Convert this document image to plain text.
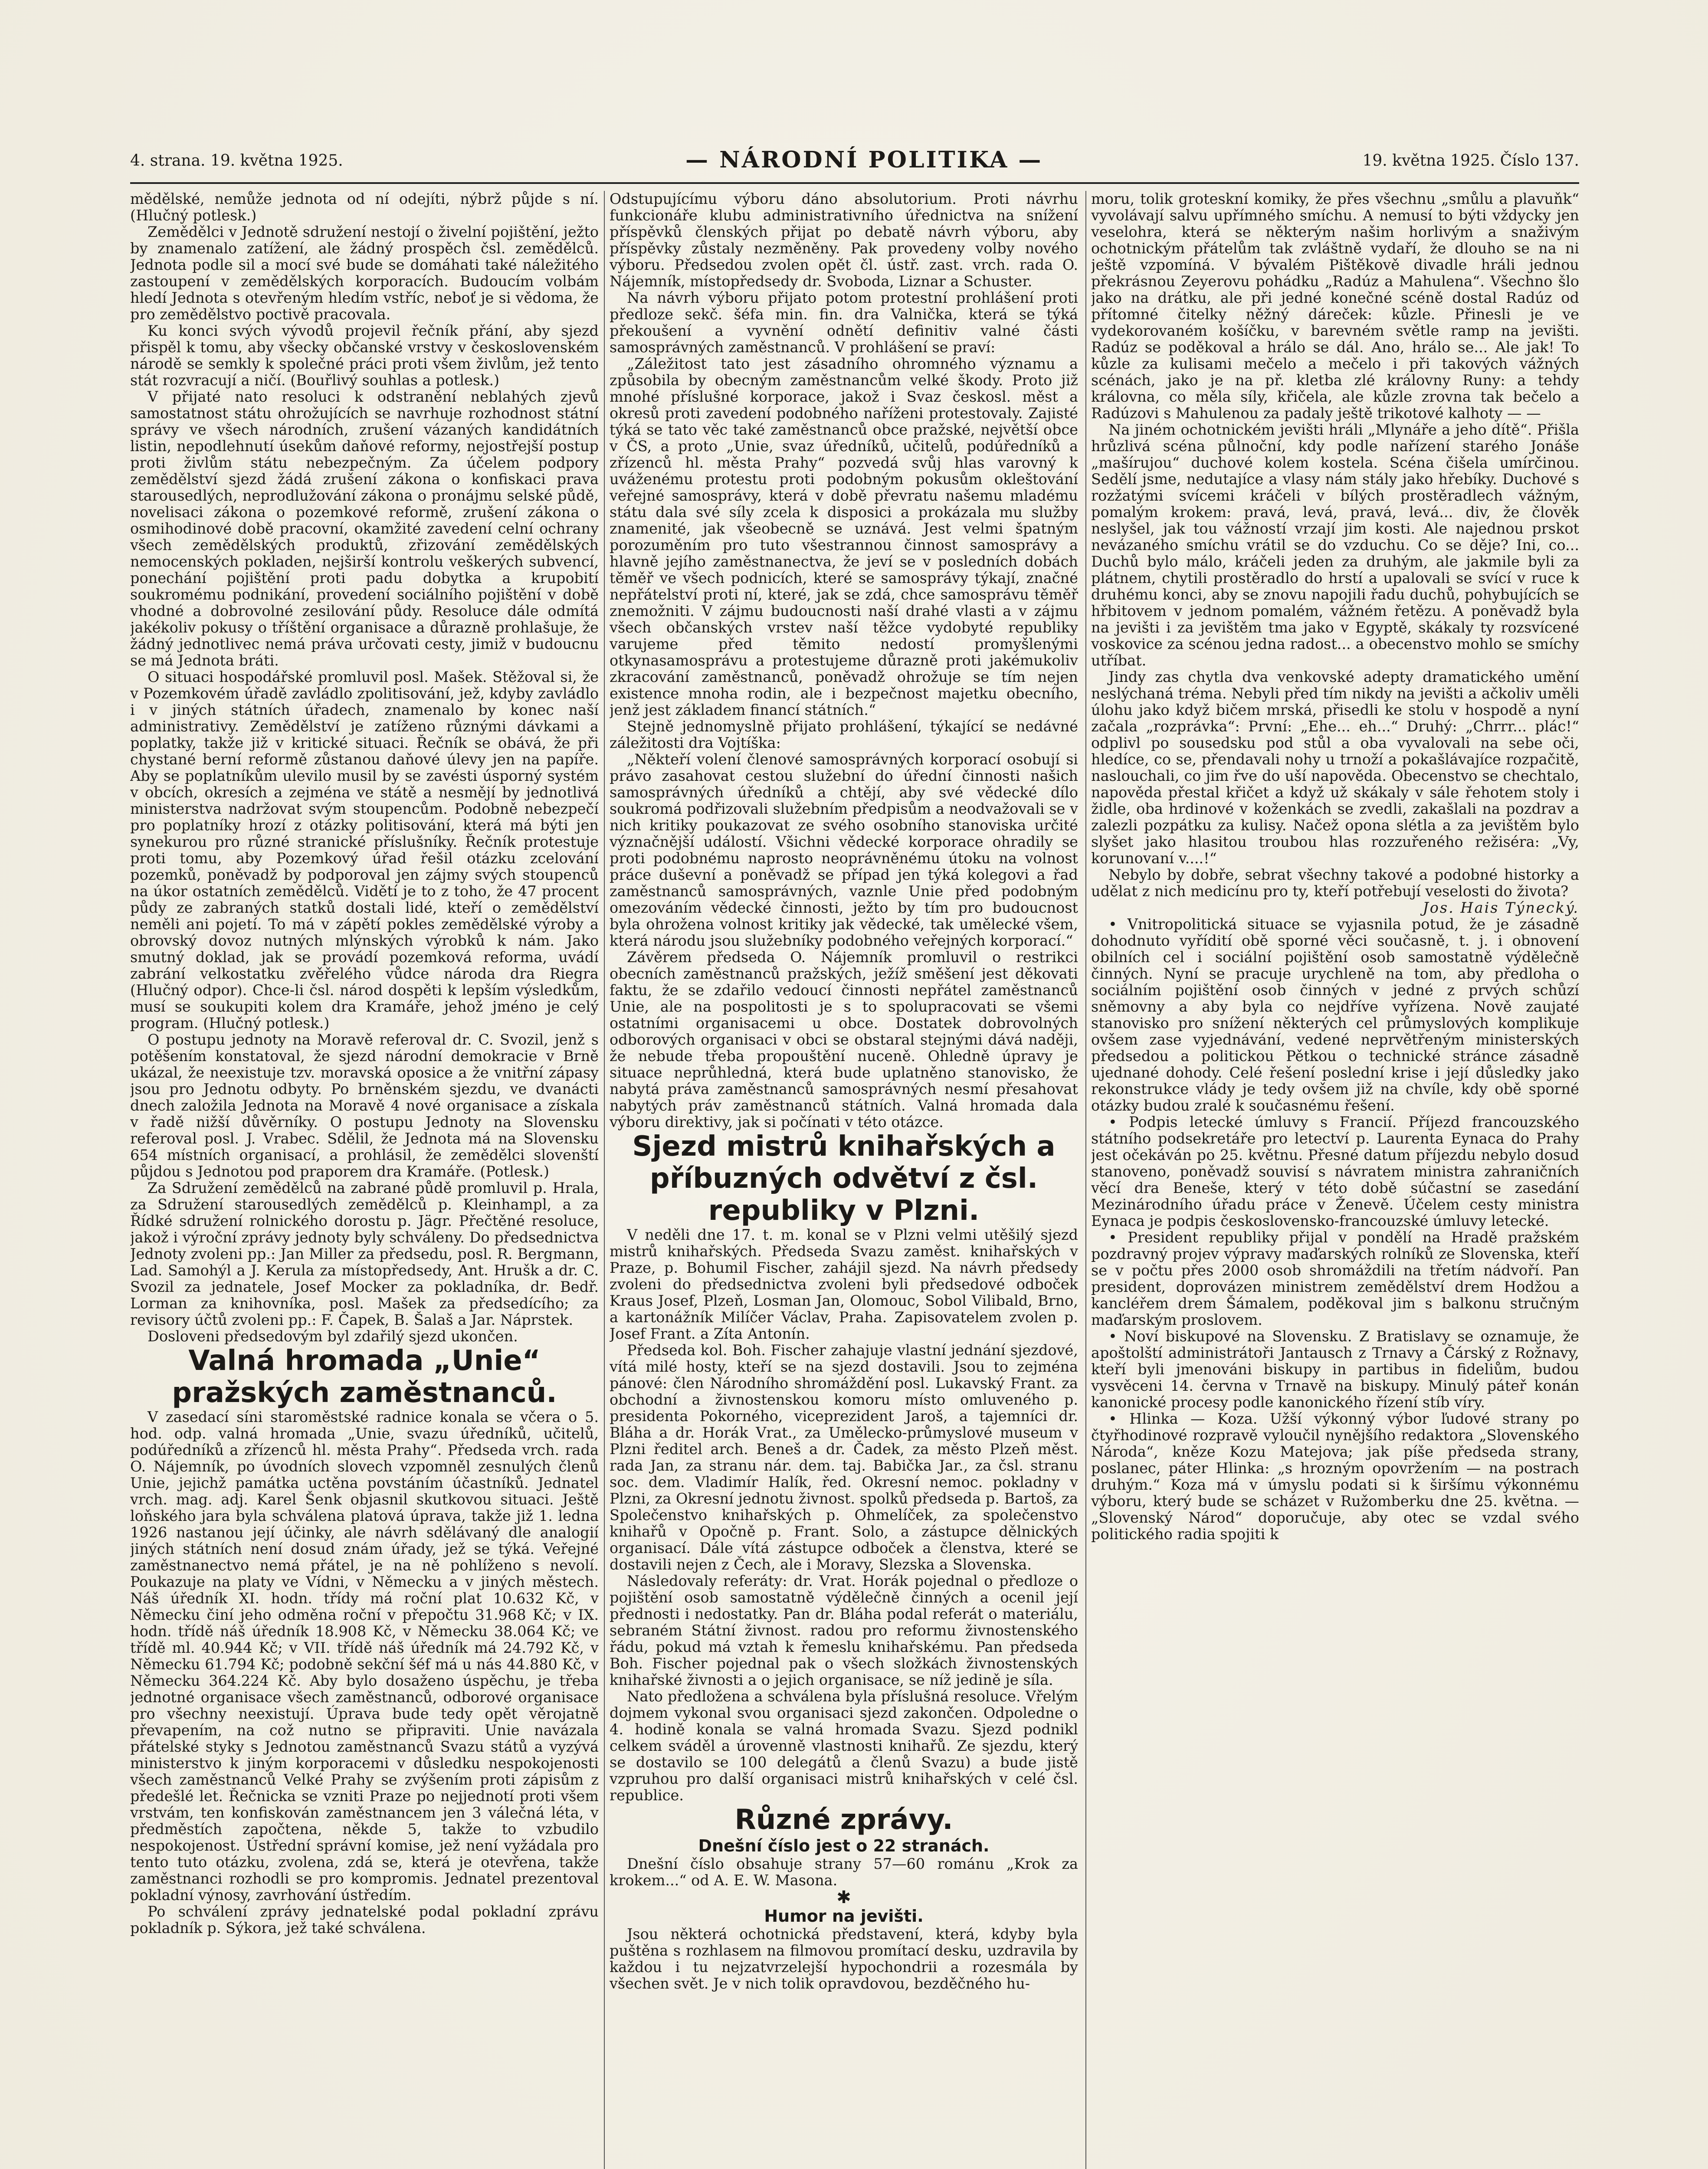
4. strana. 19. května 1925.	— NÁRODNÍ POLITIKA —	19. května 1925. Číslo 137.

mědělské, nemůže jednota od ní odejíti, nýbrž půjde s ní. (Hlučný potlesk.)

Zemědělci v Jednotě sdružení nestojí o živelní pojištění, ježto by znamenalo zatížení, ale žádný prospěch čsl. zemědělců. Jednota podle sil a mocí své bude se domáhati také náležitého zastoupení v zemědělských korporacích. Budoucím volbám hledí Jednota s otevřeným hledím vstříc, neboť je si vědoma, že pro zemědělstvo poctivě pracovala.

Ku konci svých vývodů projevil řečník přání, aby sjezd přispěl k tomu, aby všecky občanské vrstvy v československém národě se semkly k společné práci proti všem živlům, jež tento stát rozvracují a ničí. (Bouřlivý souhlas a potlesk.)

V přijaté nato resoluci k odstranění neblahých zjevů samostatnost státu ohrožujících se navrhuje rozhodnost státní správy ve všech národních, zrušení vázaných kandidátních listin, nepodlehnutí úsekům daňové reformy, nejostřejší postup proti živlům státu nebezpečným. Za účelem podpory zemědělství sjezd žádá zrušení zákona o konfiskaci prava starousedlých, neprodlužování zákona o pronájmu selské půdě, novelisaci zákona o pozemkové reformě, zrušení zákona o osmihodinové době pracovní, okamžité zavedení celní ochrany všech zemědělských produktů, zřizování zemědělských nemocenských pokladen, nejširší kontrolu veškerých subvencí, ponechání pojištění proti padu dobytka a krupobití soukromému podnikání, provedení sociálního pojištění v době vhodné a dobrovolné zesilování půdy. Resoluce dále odmítá jakékoliv pokusy o tříštění organisace a důrazně prohlašuje, že žádný jednotlivec nemá práva určovati cesty, jimiž v budoucnu se má Jednota bráti.

O situaci hospodářské promluvil posl. Mašek. Stěžoval si, že v Pozemkovém úřadě zavládlo zpolitisování, jež, kdyby zavládlo i v jiných státních úřadech, znamenalo by konec naší administrativy. Zemědělství je zatíženo různými dávkami a poplatky, takže již v kritické situaci. Řečník se obává, že při chystané berní reformě zůstanou daňové úlevy jen na papíře. Aby se poplatníkům ulevilo musil by se zavésti úsporný systém v obcích, okresích a zejména ve státě a nesmějí by jednotlivá ministerstva nadržovat svým stoupencům. Podobně nebezpečí pro poplatníky hrozí z otázky politisování, která má býti jen synekurou pro různé stranické příslušníky. Řečník protestuje proti tomu, aby Pozemkový úřad řešil otázku zcelování pozemků, poněvadž by podporoval jen zájmy svých stoupenců na úkor ostatních zemědělců. Vidětí je to z toho, že 47 procent půdy ze zabraných statků dostali lidé, kteří o zemědělství neměli ani pojetí. To má v zápětí pokles zemědělské výroby a obrovský dovoz nutných mlýnských výrobků k nám. Jako smutný doklad, jak se provádí pozemková reforma, uvádí zabrání velkostatku zvěřelého vůdce národa dra Riegra (Hlučný odpor). Chce-li čsl. národ dospěti k lepším výsledkům, musí se soukupiti kolem dra Kramáře, jehož jméno je celý program. (Hlučný potlesk.)

O postupu jednoty na Moravě referoval dr. C. Svozil, jenž s potěšením konstatoval, že sjezd národní demokracie v Brně ukázal, že neexistuje tzv. moravská oposice a že vnitřní zápasy jsou pro Jednotu odbyty. Po brněnském sjezdu, ve dvanácti dnech založila Jednota na Moravě 4 nové organisace a získala v řadě nižší důvěrníky. O postupu Jednoty na Slovensku referoval posl. J. Vrabec. Sdělil, že Jednota má na Slovensku 654 místních organisací, a prohlásil, že zemědělci slovenští půjdou s Jednotou pod praporem dra Kramáře. (Potlesk.)

Za Sdružení zemědělců na zabrané půdě promluvil p. Hrala, za Sdružení starousedlých zemědělců p. Kleinhampl, a za Řídké sdružení rolnického dorostu p. Jägr. Přečtěné resoluce, jakož i výroční zprávy jednoty byly schváleny. Do předsednictva Jednoty zvoleni pp.: Jan Miller za předsedu, posl. R. Bergmann, Lad. Samohýl a J. Kerula za místopředsedy, Ant. Hrušk a dr. C. Svozil za jednatele, Josef Mocker za pokladníka, dr. Bedř. Lorman za knihovníka, posl. Mašek za předsedícího; za revisory účtů zvoleni pp.: F. Čapek, B. Šalaš a Jar. Náprstek.

Dosloveni předsedovým byl zdařilý sjezd ukončen.

Valná hromada „Unie“ pražských zaměstnanců.

V zasedací síni staroměstské radnice konala se včera o 5. hod. odp. valná hromada „Unie, svazu úředníků, učitelů, podúředníků a zřízenců hl. města Prahy“. Předseda vrch. rada O. Nájemník, po úvodních slovech vzpomněl zesnulých členů Unie, jejichž památka uctěna povstáním účastníků. Jednatel vrch. mag. adj. Karel Šenk objasnil skutkovou situaci. Ještě loňského jara byla schválena platová úprava, takže již 1. ledna 1926 nastanou její účinky, ale návrh sdělávaný dle analogií jiných státních není dosud znám úřady, jež se týká. Veřejné zaměstnanectvo nemá přátel, je na ně pohlíženo s nevolí. Poukazuje na platy ve Vídni, v Německu a v jiných městech. Náš úředník XI. hodn. třídy má roční plat 10.632 Kč, v Německu činí jeho odměna roční v přepočtu 31.968 Kč; v IX. hodn. třídě náš úředník 18.908 Kč, v Německu 38.064 Kč; ve třídě ml. 40.944 Kč; v VII. třídě náš úředník má 24.792 Kč, v Německu 61.794 Kč; podobně sekční šéf má u nás 44.880 Kč, v Německu 364.224 Kč. Aby bylo dosaženo úspěchu, je třeba jednotné organisace všech zaměstnanců, odborové organisace pro všechny neexistují. Úprava bude tedy opět věrojatně převapením, na což nutno se připraviti. Unie navázala přátelské styky s Jednotou zaměstnanců Svazu států a vyzývá ministerstvo k jiným korporacemi v důsledku nespokojenosti všech zaměstnanců Velké Prahy se zvýšením proti zápisům z předešlé let. Řečnicka se vzniti Praze po nejjednotí proti všem vrstvám, ten konfiskován zaměstnancem jen 3 válečná léta, v předměstích započtena, někde 5, takže to vzbudilo nespokojenost. Ústřední správní komise, jež není vyžádala pro tento tuto otázku, zvolena, zdá se, která je otevřena, takže zaměstnanci rozhodli se pro kompromis. Jednatel prezentoval pokladní výnosy, zavrhování ústředím.

Po schválení zprávy jednatelské podal pokladní zprávu pokladník p. Sýkora, jež také schválena.

Odstupujícímu výboru dáno absolutorium. Proti návrhu funkcionáře klubu administrativního úřednictva na snížení příspěvků členských přijat po debatě návrh výboru, aby příspěvky zůstaly nezměněny. Pak provedeny volby nového výboru. Předsedou zvolen opět čl. ústř. zast. vrch. rada O. Nájemník, místopředsedy dr. Svoboda, Liznar a Schuster.

Na návrh výboru přijato potom protestní prohlášení proti předloze sekč. šéfa min. fin. dra Valnička, která se týká překoušení a vyvnění odnětí definitiv valné části samosprávných zaměstnanců. V prohlášení se praví:

„Záležitost tato jest zásadního ohromného významu a způsobila by obecným zaměstnancům velké škody. Proto již mnohé příslušné korporace, jakož i Svaz českosl. měst a okresů proti zavedení podobného naříženi protestovaly. Zajisté týká se tato věc také zaměstnanců obce pražské, největší obce v ČS, a proto „Unie, svaz úředníků, učitelů, podúředníků a zřízenců hl. města Prahy“ pozvedá svůj hlas varovný k uváženému protestu proti podobným pokusům okleštování veřejné samosprávy, která v době převratu našemu mladému státu dala své síly zcela k disposici a prokázala mu služby znamenité, jak všeobecně se uznává. Jest velmi špatným porozuměním pro tuto všestrannou činnost samosprávy a hlavně jejího zaměstnanectva, že jeví se v posledních dobách těměř ve všech podnicích, které se samosprávy týkají, značné nepřátelství proti ní, které, jak se zdá, chce samosprávu těměř znemožniti. V zájmu budoucnosti naší drahé vlasti a v zájmu všech občanských vrstev naší těžce vydobyté republiky varujeme před těmito nedostí promyšlenými otkynasamosprávu a protestujeme důrazně proti jakémukoliv zkracování zaměstnanců, poněvadž ohrožuje se tím nejen existence mnoha rodin, ale i bezpečnost majetku obecního, jenž jest základem financí státních.“

Stejně jednomyslně přijato prohlášení, týkající se nedávné záležitosti dra Vojtíška:

„Někteří volení členové samosprávných korporací osobují si právo zasahovat cestou služební do úřední činnosti našich samosprávných úředníků a chtějí, aby své vědecké dílo soukromá podřizovali služebním předpisům a neodvažovali se v nich kritiky poukazovat ze svého osobního stanoviska určité význačnější událostí. Všichni vědecké korporace ohradily se proti podobnému naprosto neoprávněnému útoku na volnost práce duševní a poněvadž se případ jen týká kolegovi a řad zaměstnanců samosprávných, vaznle Unie před podobným omezováním vědecké činnosti, ježto by tím pro budoucnost byla ohrožena volnost kritiky jak vědecké, tak umělecké všem, která národu jsou služebníky podobného veřejných korporací.“

Závěrem předseda O. Nájemník promluvil o restrikci obecních zaměstnanců pražských, ježíž směšení jest děkovati faktu, že se zdařilo vedoucí činnosti nepřátel zaměstnanců Unie, ale na pospolitosti je s to spolupracovati se všemi ostatními organisacemi u obce. Dostatek dobrovolných odborových organisaci v obci se obstaral stejnými dává naději, že nebude třeba propouštění nuceně. Ohledně úpravy je situace neprůhledná, která bude uplatněno stanovisko, že nabytá práva zaměstnanců samosprávných nesmí přesahovat nabytých práv zaměstnanců státních. Valná hromada dala výboru direktivy, jak si počínati v této otázce.

Sjezd mistrů knihařských a příbuzných odvětví z čsl. republiky v Plzni.

V neděli dne 17. t. m. konal se v Plzni velmi utěšilý sjezd mistrů knihařských. Předseda Svazu zaměst. knihařských v Praze, p. Bohumil Fischer, zahájil sjezd. Na návrh předsedy zvoleni do předsednictva zvoleni byli předsedové odboček Kraus Josef, Plzeň, Losman Jan, Olomouc, Sobol Vilibald, Brno, a kartonážník Milíčer Václav, Praha. Zapisovatelem zvolen p. Josef Frant. a Zíta Antonín.

Předseda kol. Boh. Fischer zahajuje vlastní jednání sjezdové, vítá milé hosty, kteří se na sjezd dostavili. Jsou to zejména pánové: člen Národního shromáždění posl. Lukavský Frant. za obchodní a živnostenskou komoru místo omluveného p. presidenta Pokorného, viceprezident Jaroš, a tajemníci dr. Bláha a dr. Horák Vrat., za Umělecko-průmyslové museum v Plzni ředitel arch. Beneš a dr. Čadek, za město Plzeň měst. rada Jan, za stranu nár. dem. taj. Babička Jar., za čsl. stranu soc. dem. Vladimír Halík, řed. Okresní nemoc. pokladny v Plzni, za Okresní jednotu živnost. spolků předseda p. Bartoš, za Společenstvo knihařských p. Ohmelíček, za společenstvo knihařů v Opočně p. Frant. Solo, a zástupce dělnických organisací. Dále vítá zástupce odboček a členstva, které se dostavili nejen z Čech, ale i Moravy, Slezska a Slovenska.

Následovaly referáty: dr. Vrat. Horák pojednal o předloze o pojištění osob samostatně výdělečně činných a ocenil její přednosti i nedostatky. Pan dr. Bláha podal referát o materiálu, sebraném Státní živnost. radou pro reformu živnostenského řádu, pokud má vztah k řemeslu knihařskému. Pan předseda Boh. Fischer pojednal pak o všech složkách živnostenských knihařské živnosti a o jejich organisace, se níž jedině je síla.

Nato předložena a schválena byla příslušná resoluce. Vřelým dojmem vykonal svou organisaci sjezd zakončen. Odpoledne o 4. hodině konala se valná hromada Svazu. Sjezd podnikl celkem sváděl a úrovenně vlastnosti knihařů. Ze sjezdu, který se dostavilo se 100 delegátů a členů Svazu) a bude jistě vzpruhou pro další organisaci mistrů knihařských v celé čsl. republice.

Různé zprávy.

Dnešní číslo jest o 22 stranách.

Dnešní číslo obsahuje strany 57—60 románu „Krok za krokem...“ od A. E. W. Masona.

✱

Humor na jevišti.

Jsou některá ochotnická představení, která, kdyby byla puštěna s rozhlasem na filmovou promítací desku, uzdravila by každou i tu nejzatvrzelejší hypochondrii a rozesmála by všechen svět. Je v nich tolik opravdovou, bezděčného hu-

moru, tolik groteskní komiky, že přes všechnu „smůlu a plavuňk“ vyvolávají salvu upřímného smíchu. A nemusí to býti vždycky jen veselohra, která se některým našim horlivým a snaživým ochotnickým přátelům tak zvláštně vydaří, že dlouho se na ni ještě vzpomíná. V bývalém Pištěkově divadle hráli jednou překrásnou Zeyerovu pohádku „Radúz a Mahulena“. Všechno šlo jako na drátku, ale při jedné konečné scéně dostal Radúz od přítomné čitelky něžný dáreček: kůzle. Přinesli je ve vydekorovaném košíčku, v barevném světle ramp na jevišti. Radúz se poděkoval a hrálo se dál. Ano, hrálo se... Ale jak! To kůzle za kulisami mečelo a mečelo i při takových vážných scénách, jako je na př. kletba zlé královny Runy: a tehdy královna, co měla síly, křičela, ale kůzle zrovna tak bečelo a Radúzovi s Mahulenou za padaly ještě trikotové kalhoty — —

Na jiném ochotnickém jevišti hráli „Mlynáře a jeho dítě“. Přišla hrůzlivá scéna půlnoční, kdy podle nařízení starého Jonáše „mašírujou“ duchové kolem kostela. Scéna čišela umírčinou. Sedělí jsme, nedutajíce a vlasy nám stály jako hřebíky. Duchové s rozžatými svícemi kráčeli v bílých prostěradlech vážným, pomalým krokem: pravá, levá, pravá, levá... div, že člověk neslyšel, jak tou vážností vrzají jim kosti. Ale najednou prskot nevázaného smíchu vrátil se do vzduchu. Co se děje? Ini, co... Duchů bylo málo, kráčeli jeden za druhým, ale jakmile byli za plátnem, chytili prostěradlo do hrstí a upalovali se svící v ruce k druhému konci, aby se znovu napojili řadu duchů, pohybujících se hřbitovem v jednom pomalém, vážném řetězu. A poněvadž byla na jevišti i za jevištěm tma jako v Egyptě, skákaly ty rozsvícené voskovice za scénou jedna radost... a obecenstvo mohlo se smíchy utříbat.

Jindy zas chytla dva venkovské adepty dramatického umění neslýchaná tréma. Nebyli před tím nikdy na jevišti a ačkoliv uměli úlohu jako když bičem mrská, přisedli ke stolu v hospodě a nyní začala „rozprávka“: První: „Ehe... eh...“ Druhý: „Chrrr... plác!“ odplivl po sousedsku pod stůl a oba vyvalovali na sebe oči, hledíce, co se, přendavali nohy u trnoží a pokašlávajíce rozpačitě, naslouchali, co jim řve do uší napověda. Obecenstvo se chechtalo, napověda přestal křičet a když už skákaly v sále řehotem stoly i židle, oba hrdinové v koženkách se zvedli, zakašlali na pozdrav a zalezli pozpátku za kulisy. Načež opona slétla a za jevištěm bylo slyšet jako hlasitou troubou hlas rozzuřeného režiséra: „Vy, korunovaní v....!“

Nebylo by dobře, sebrat všechny takové a podobné historky a udělat z nich medicínu pro ty, kteří potřebují veselosti do života?

Jos. Hais Týnecký.

• Vnitropolitická situace se vyjasnila potud, že je zásadně dohodnuto vyřídití obě sporné věci současně, t. j. i obnovení obilních cel i sociální pojištění osob samostatně výdělečně činných. Nyní se pracuje urychleně na tom, aby předloha o sociálním pojištění osob činných v jedné z prvých schůzí sněmovny a aby byla co nejdříve vyřízena. Nově zaujaté stanovisko pro snížení některých cel průmyslových komplikuje ovšem zase vyjednávání, vedené neprvětřeným ministerských předsedou a politickou Pětkou o technické stránce zásadně ujednané dohody. Celé řešení poslední krise i její důsledky jako rekonstrukce vlády je tedy ovšem již na chvíle, kdy obě sporné otázky budou zralé k současnému řešení.

• Podpis letecké úmluvy s Francií. Příjezd francouzského státního podsekretáře pro letectví p. Laurenta Eynaca do Prahy jest očekáván po 25. květnu. Přesné datum příjezdu nebylo dosud stanoveno, poněvadž souvisí s návratem ministra zahraničních věcí dra Beneše, který v této době súčastní se zasedání Mezinárodního úřadu práce v Ženevě. Účelem cesty ministra Eynaca je podpis československo-francouzské úmluvy letecké.

• President republiky přijal v pondělí na Hradě pražském pozdravný projev výpravy maďarských rolníků ze Slovenska, kteří se v počtu přes 2000 osob shromáždili na třetím nádvoří. Pan president, doprovázen ministrem zemědělství drem Hodžou a kancléřem drem Šámalem, poděkoval jim s balkonu stručným maďarským proslovem.

• Noví biskupové na Slovensku. Z Bratislavy se oznamuje, že apoštolští administrátoři Jantausch z Trnavy a Čárský z Rožnavy, kteří byli jmenováni biskupy in partibus in fideliům, budou vysvěceni 14. června v Trnavě na biskupy. Minulý páteř konán kanonické procesy podle kanonického řízení stíb víry.

• Hlinka — Koza. Užší výkonný výbor ľudové strany po čtyřhodinové rozpravě vyloučil nynějšího redaktora „Slovenského Národa“, kněze Kozu Matejova; jak píše předseda strany, poslanec, páter Hlinka: „s hrozným opovržením — na postrach druhým.“ Koza má v úmyslu podati si k širšímu výkonnému výboru, který bude se scházet v Ružomberku dne 25. května. — „Slovenský Národ“ doporučuje, aby otec se vzdal svého politického radia spojiti k
